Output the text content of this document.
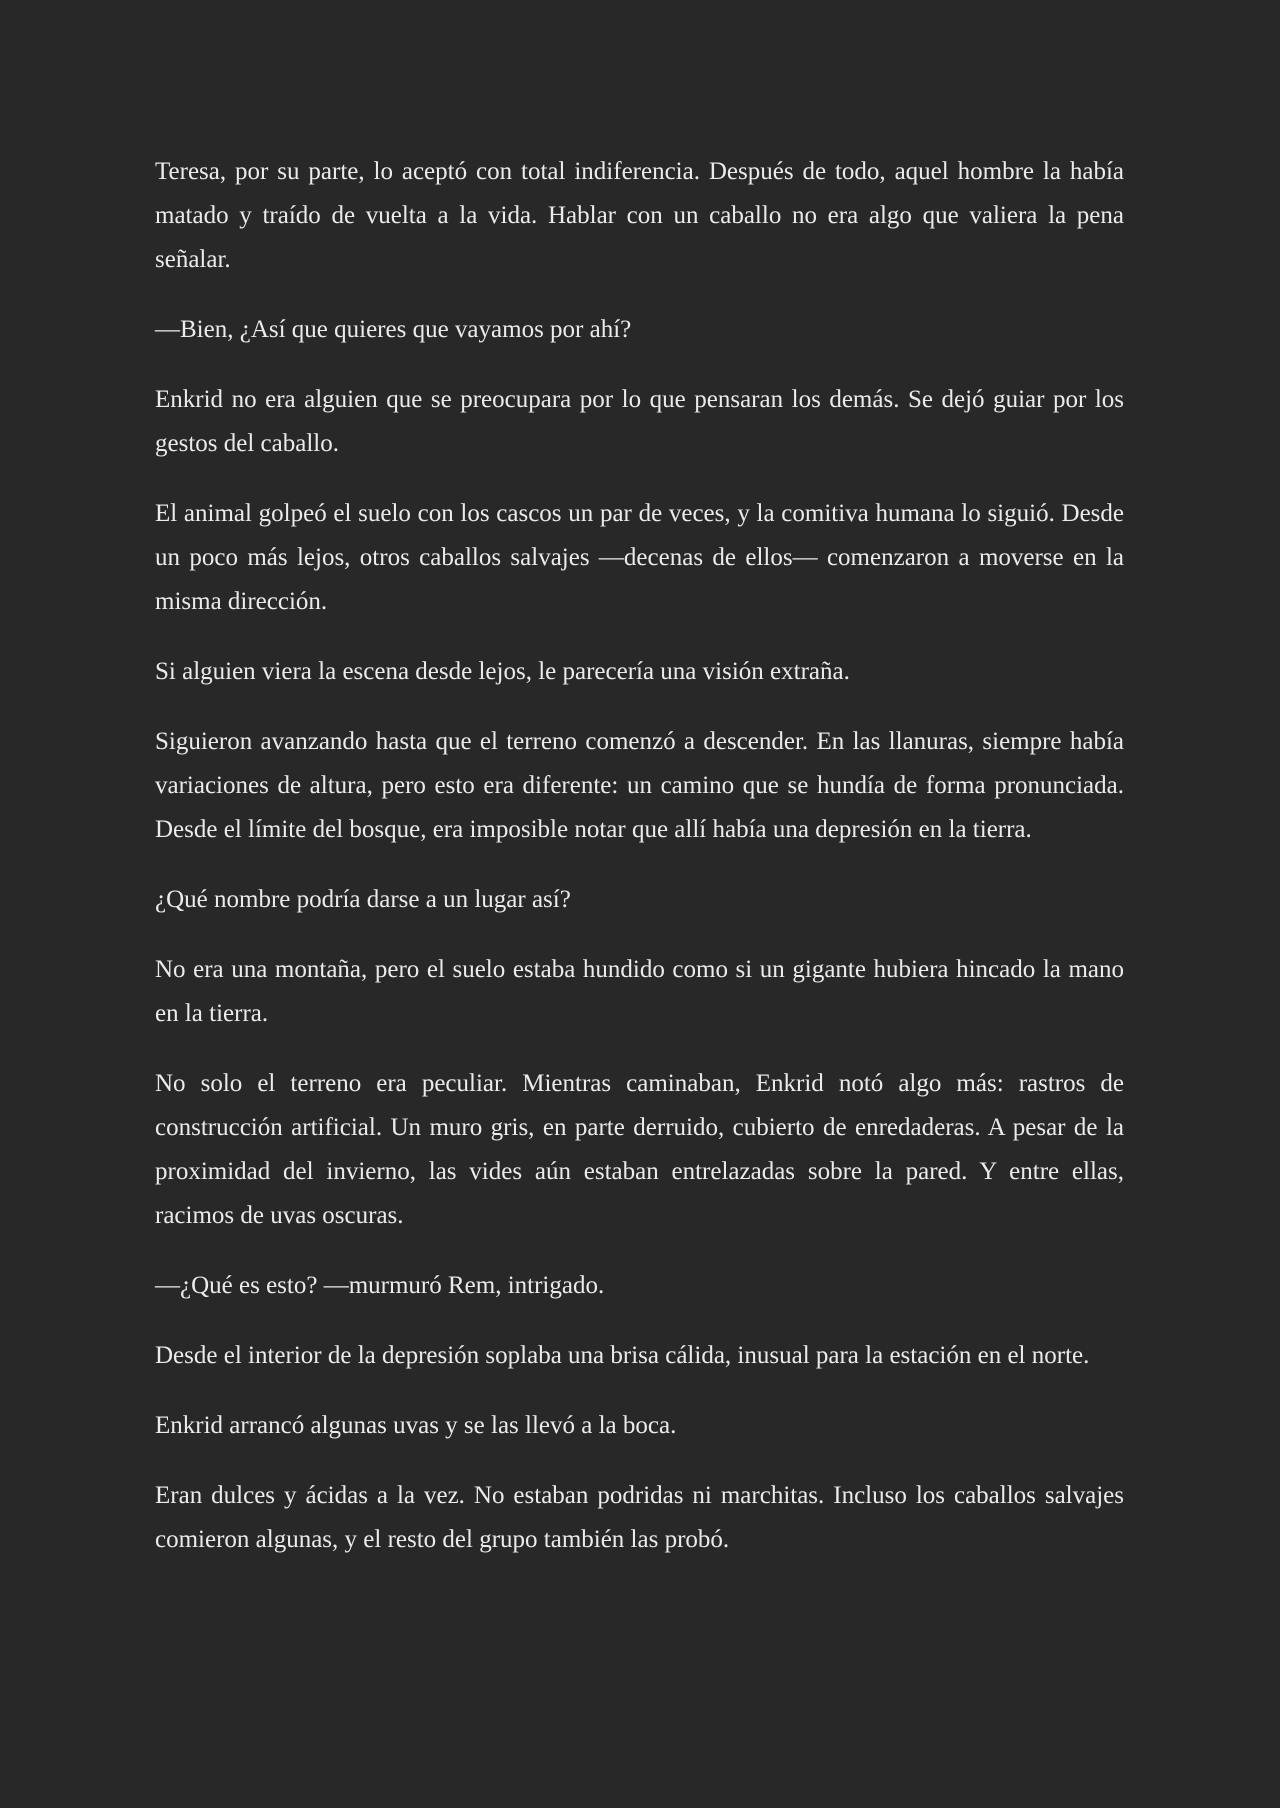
Teresa, por su parte, lo aceptó con total indiferencia. Después de todo, aquel hombre la había matado y traído de vuelta a la vida. Hablar con un caballo no era algo que valiera la pena señalar.

—Bien, ¿Así que quieres que vayamos por ahí?

Enkrid no era alguien que se preocupara por lo que pensaran los demás. Se dejó guiar por los gestos del caballo.

El animal golpeó el suelo con los cascos un par de veces, y la comitiva humana lo siguió. Desde un poco más lejos, otros caballos salvajes —decenas de ellos— comenzaron a moverse en la misma dirección.

Si alguien viera la escena desde lejos, le parecería una visión extraña.

Siguieron avanzando hasta que el terreno comenzó a descender. En las llanuras, siempre había variaciones de altura, pero esto era diferente: un camino que se hundía de forma pronunciada. Desde el límite del bosque, era imposible notar que allí había una depresión en la tierra.

¿Qué nombre podría darse a un lugar así?

No era una montaña, pero el suelo estaba hundido como si un gigante hubiera hincado la mano en la tierra.

No solo el terreno era peculiar. Mientras caminaban, Enkrid notó algo más: rastros de construcción artificial. Un muro gris, en parte derruido, cubierto de enredaderas. A pesar de la proximidad del invierno, las vides aún estaban entrelazadas sobre la pared. Y entre ellas, racimos de uvas oscuras.

—¿Qué es esto? —murmuró Rem, intrigado.

Desde el interior de la depresión soplaba una brisa cálida, inusual para la estación en el norte.

Enkrid arrancó algunas uvas y se las llevó a la boca.

Eran dulces y ácidas a la vez. No estaban podridas ni marchitas. Incluso los caballos salvajes comieron algunas, y el resto del grupo también las probó.
